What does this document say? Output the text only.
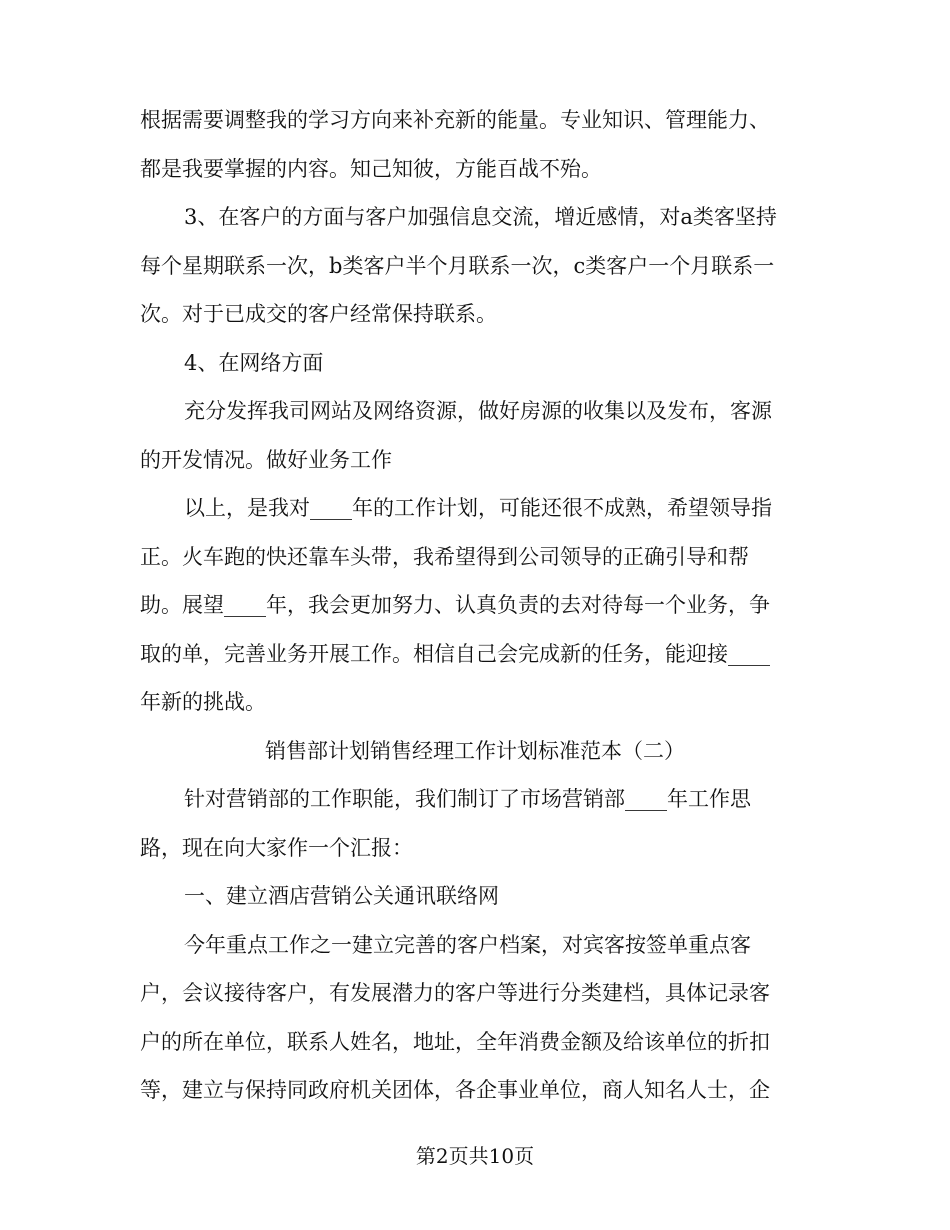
根据需要调整我的学习方向来补充新的能量。专业知识、管理能力、
都是我要掌握的内容。知己知彼，方能百战不殆。
3、在客户的方面与客户加强信息交流，增近感情，对a类客坚持
每个星期联系一次，b类客户半个月联系一次，c类客户一个月联系一
次。对于已成交的客户经常保持联系。
4、在网络方面
充分发挥我司网站及网络资源，做好房源的收集以及发布，客源
的开发情况。做好业务工作
以上，是我对____年的工作计划，可能还很不成熟，希望领导指
正。火车跑的快还靠车头带，我希望得到公司领导的正确引导和帮
助。展望____年，我会更加努力、认真负责的去对待每一个业务，争
取的单，完善业务开展工作。相信自己会完成新的任务，能迎接____
年新的挑战。
销售部计划销售经理工作计划标准范本（二）
针对营销部的工作职能，我们制订了市场营销部____年工作思
路，现在向大家作一个汇报：
一、建立酒店营销公关通讯联络网
今年重点工作之一建立完善的客户档案，对宾客按签单重点客
户，会议接待客户，有发展潜力的客户等进行分类建档，具体记录客
户的所在单位，联系人姓名，地址，全年消费金额及给该单位的折扣
等，建立与保持同政府机关团体，各企事业单位，商人知名人士，企
第2页共10页
